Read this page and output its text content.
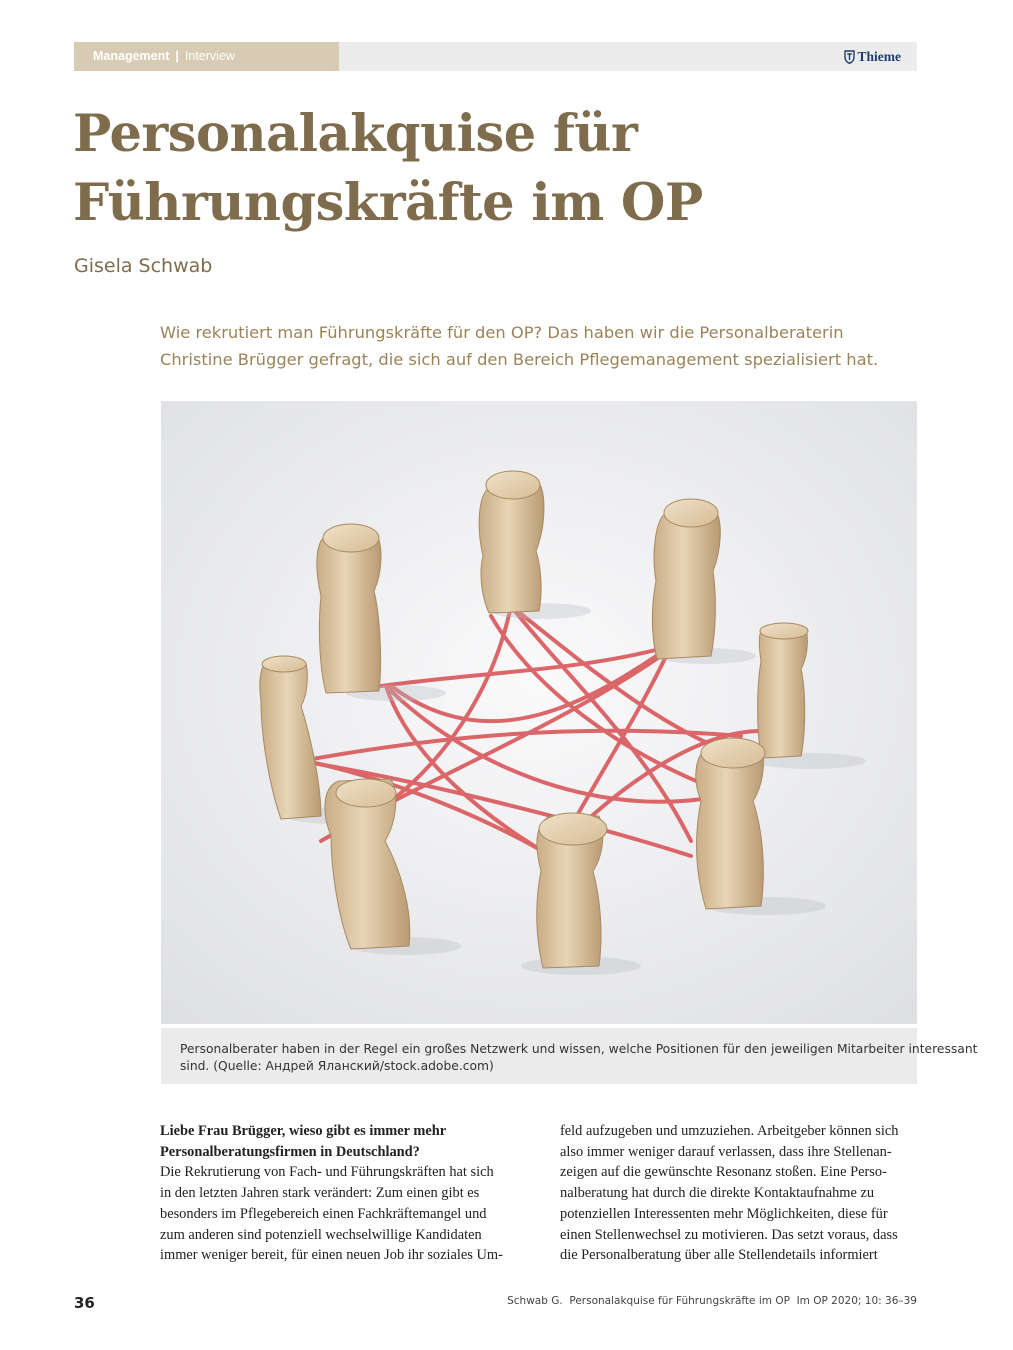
Management | Interview	Thieme
Personalakquise für
Führungskräfte im OP
Gisela Schwab
Wie rekrutiert man Führungskräfte für den OP? Das haben wir die Personalberaterin
Christine Brügger gefragt, die sich auf den Bereich Pflegemanagement spezialisiert hat.
Personalberater haben in der Regel ein großes Netzwerk und wissen, welche Positionen für den jeweiligen Mitarbeiter interessant
sind. (Quelle: Андрей Яланский/stock.adobe.com)
Liebe Frau Brügger, wieso gibt es immer mehr
Personalberatungsfirmen in Deutschland?
Die Rekrutierung von Fach- und Führungskräften hat sich
in den letzten Jahren stark verändert: Zum einen gibt es
besonders im Pflegebereich einen Fachkräftemangel und
zum anderen sind potenziell wechselwillige Kandidaten
immer weniger bereit, für einen neuen Job ihr soziales Um-
feld aufzugeben und umzuziehen. Arbeitgeber können sich
also immer weniger darauf verlassen, dass ihre Stellenan-
zeigen auf die gewünschte Resonanz stoßen. Eine Perso-
nalberatung hat durch die direkte Kontaktaufnahme zu
potenziellen Interessenten mehr Möglichkeiten, diese für
einen Stellenwechsel zu motivieren. Das setzt voraus, dass
die Personalberatung über alle Stellendetails informiert
36	Schwab G.  Personalakquise für Führungskräfte im OP  Im OP 2020; 10: 36–39
